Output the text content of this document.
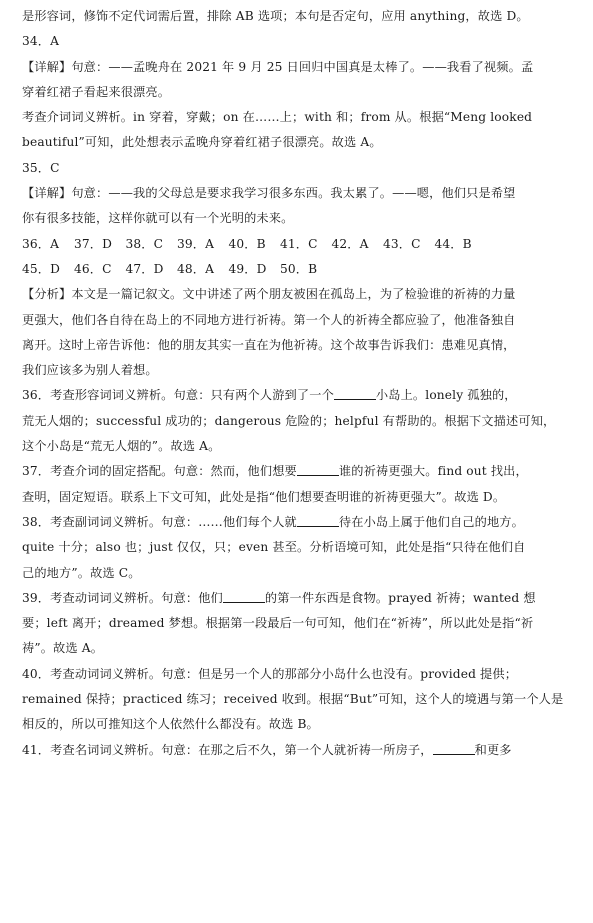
是形容词，修饰不定代词需后置，排除 AB 选项；本句是否定句，应用 anything，故选 D。
34．A
【详解】句意：——孟晚舟在 2021 年 9 月 25 日回归中国真是太棒了。——我看了视频。孟
穿着红裙子看起来很漂亮。
考查介词词义辨析。in 穿着，穿戴；on 在……上；with 和；from 从。根据“Meng looked
beautiful”可知，此处想表示孟晚舟穿着红裙子很漂亮。故选 A。
35．C
【详解】句意：——我的父母总是要求我学习很多东西。我太累了。——嗯，他们只是希望
你有很多技能，这样你就可以有一个光明的未来。
36．A 37．D 38．C 39．A 40．B 41．C 42．A 43．C 44．B
45．D 46．C 47．D 48．A 49．D 50．B
【分析】本文是一篇记叙文。文中讲述了两个朋友被困在孤岛上，为了检验谁的祈祷的力量
更强大，他们各自待在岛上的不同地方进行祈祷。第一个人的祈祷全都应验了，他准备独自
离开。这时上帝告诉他：他的朋友其实一直在为他祈祷。这个故事告诉我们：患难见真情，
我们应该多为别人着想。
36．考查形容词词义辨析。句意：只有两个人游到了一个	小岛上。lonely 孤独的，
荒无人烟的；successful 成功的；dangerous 危险的；helpful 有帮助的。根据下文描述可知，
这个小岛是“荒无人烟的”。故选 A。
37．考查介词的固定搭配。句意：然而，他们想要	谁的祈祷更强大。find out 找出，
查明，固定短语。联系上下文可知，此处是指“他们想要查明谁的祈祷更强大”。故选 D。
38．考查副词词义辨析。句意：……他们每个人就	待在小岛上属于他们自己的地方。
quite 十分；also 也；just 仅仅，只；even 甚至。分析语境可知，此处是指“只待在他们自
己的地方”。故选 C。
39．考查动词词义辨析。句意：他们	的第一件东西是食物。prayed 祈祷；wanted 想
要；left 离开；dreamed 梦想。根据第一段最后一句可知，他们在“祈祷”，所以此处是指“祈
祷”。故选 A。
40．考查动词词义辨析。句意：但是另一个人的那部分小岛什么也没有。provided 提供；
remained 保持；practiced 练习；received 收到。根据“But”可知，这个人的境遇与第一个人是
相反的，所以可推知这个人依然什么都没有。故选 B。
41．考查名词词义辨析。句意：在那之后不久，第一个人就祈祷一所房子，	和更多
